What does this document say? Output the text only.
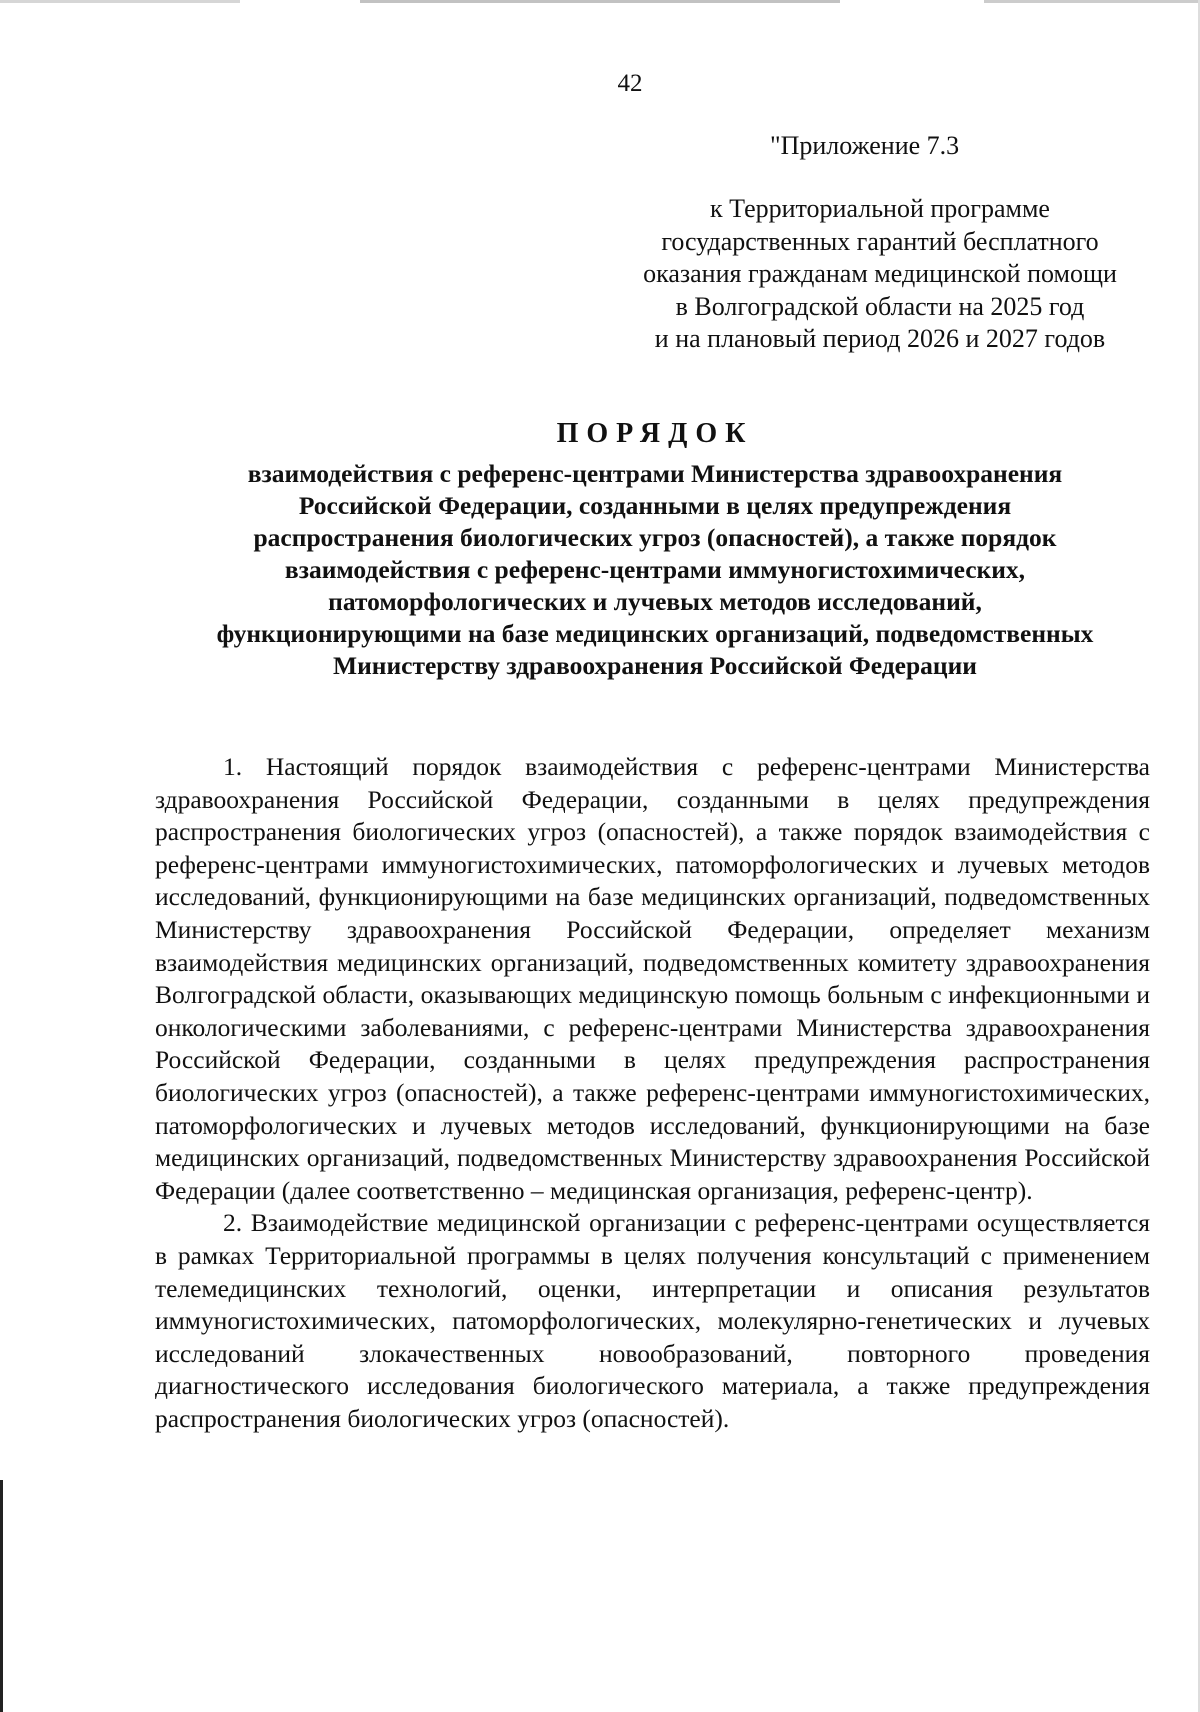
42
"Приложение 7.3
к Территориальной программе
государственных гарантий бесплатного
оказания гражданам медицинской помощи
в Волгоградской области на 2025 год
и на плановый период 2026 и 2027 годов
ПОРЯДОК
взаимодействия с референс-центрами Министерства здравоохранения
Российской Федерации, созданными в целях предупреждения
распространения биологических угроз (опасностей), а также порядок
взаимодействия с референс-центрами иммуногистохимических,
патоморфологических и лучевых методов исследований,
функционирующими на базе медицинских организаций, подведомственных
Министерству здравоохранения Российской Федерации

1. Настоящий порядок взаимодействия с референс-центрами Министерства здравоохранения Российской Федерации, созданными в целях предупреждения распространения биологических угроз (опасностей), а также порядок взаимодействия с референс-центрами иммуногистохимических, патоморфологических и лучевых методов исследований, функционирующими на базе медицинских организаций, подведомственных Министерству здравоохранения Российской Федерации, определяет механизм взаимодействия медицинских организаций, подведомственных комитету здравоохранения Волгоградской области, оказывающих медицинскую помощь больным с инфекционными и онкологическими заболеваниями, с референс-центрами Министерства здравоохранения Российской Федерации, созданными в целях предупреждения распространения биологических угроз (опасностей), а также референс-центрами иммуногистохимических, патоморфологических и лучевых методов исследований, функционирующими на базе медицинских организаций, подведомственных Министерству здравоохранения Российской Федерации (далее соответственно – медицинская организация, референс-центр).

2. Взаимодействие медицинской организации с референс-центрами осуществляется в рамках Территориальной программы в целях получения консультаций с применением телемедицинских технологий, оценки, интерпретации и описания результатов иммуногистохимических, патоморфологических, молекулярно-генетических и лучевых исследований злокачественных новообразований, повторного проведения диагностического исследования биологического материала, а также предупреждения распространения биологических угроз (опасностей).
